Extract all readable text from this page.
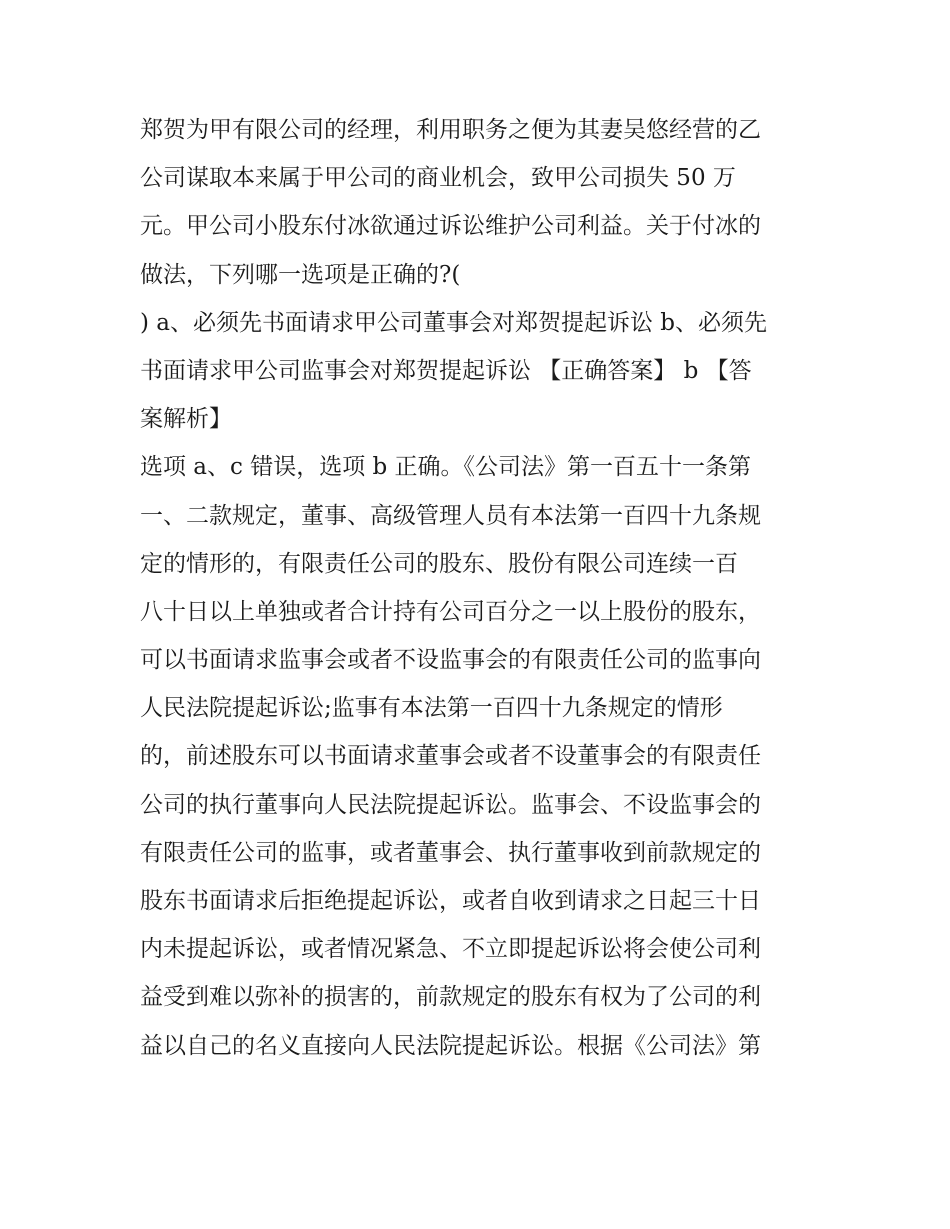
郑贺为甲有限公司的经理，利用职务之便为其妻吴悠经营的乙
公司谋取本来属于甲公司的商业机会，致甲公司损失 50 万
元。甲公司小股东付冰欲通过诉讼维护公司利益。关于付冰的
做法，下列哪一选项是正确的?(
) a、必须先书面请求甲公司董事会对郑贺提起诉讼 b、必须先
书面请求甲公司监事会对郑贺提起诉讼 【正确答案】 b 【答
案解析】
选项 a、c 错误，选项 b 正确。《公司法》第一百五十一条第
一、二款规定，董事、高级管理人员有本法第一百四十九条规
定的情形的，有限责任公司的股东、股份有限公司连续一百
八十日以上单独或者合计持有公司百分之一以上股份的股东，
可以书面请求监事会或者不设监事会的有限责任公司的监事向
人民法院提起诉讼;监事有本法第一百四十九条规定的情形
的，前述股东可以书面请求董事会或者不设董事会的有限责任
公司的执行董事向人民法院提起诉讼。监事会、不设监事会的
有限责任公司的监事，或者董事会、执行董事收到前款规定的
股东书面请求后拒绝提起诉讼，或者自收到请求之日起三十日
内未提起诉讼，或者情况紧急、不立即提起诉讼将会使公司利
益受到难以弥补的损害的，前款规定的股东有权为了公司的利
益以自己的名义直接向人民法院提起诉讼。根据《公司法》第
